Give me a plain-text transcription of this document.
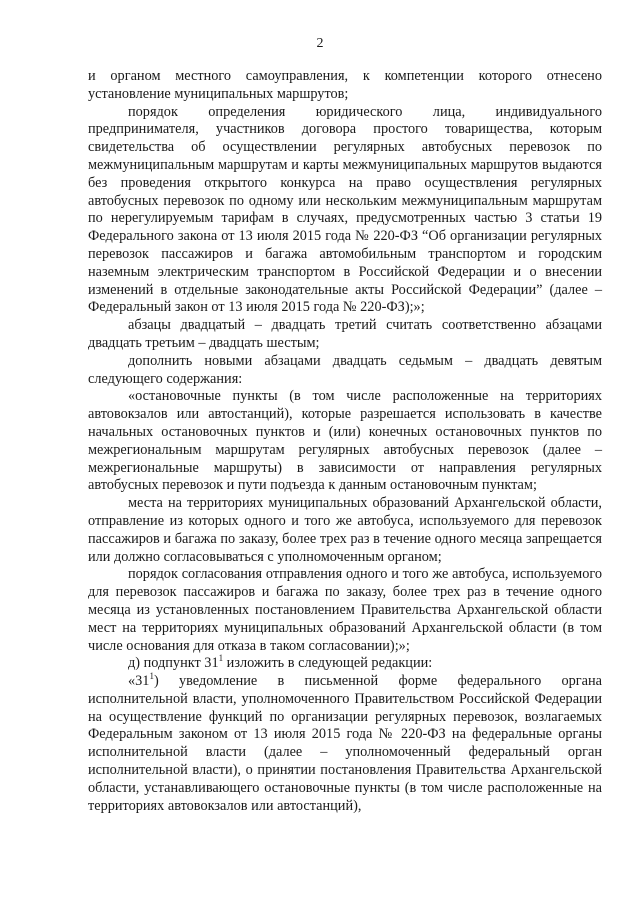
2

и органом местного самоуправления, к компетенции которого отнесено установление муниципальных маршрутов;

порядок определения юридического лица, индивидуального предпринимателя, участников договора простого товарищества, которым свидетельства об осуществлении регулярных автобусных перевозок по межмуниципальным маршрутам и карты межмуниципальных маршрутов выдаются без проведения открытого конкурса на право осуществления регулярных автобусных перевозок по одному или нескольким межмуниципальным маршрутам по нерегулируемым тарифам в случаях, предусмотренных частью 3 статьи 19 Федерального закона от 13 июля 2015 года № 220-ФЗ “Об организации регулярных перевозок пассажиров и багажа автомобильным транспортом и городским наземным электрическим транспортом в Российской Федерации и о внесении изменений в отдельные законодательные акты Российской Федерации” (далее – Федеральный закон от 13 июля 2015 года № 220-ФЗ);»;

абзацы двадцатый – двадцать третий считать соответственно абзацами двадцать третьим – двадцать шестым;

дополнить новыми абзацами двадцать седьмым – двадцать девятым следующего содержания:

«остановочные пункты (в том числе расположенные на территориях автовокзалов или автостанций), которые разрешается использовать в качестве начальных остановочных пунктов и (или) конечных остановочных пунктов по межрегиональным маршрутам регулярных автобусных перевозок (далее – межрегиональные маршруты) в зависимости от направления регулярных автобусных перевозок и пути подъезда к данным остановочным пунктам;

места на территориях муниципальных образований Архангельской области, отправление из которых одного и того же автобуса, используемого для перевозок пассажиров и багажа по заказу, более трех раз в течение одного месяца запрещается или должно согласовываться с уполномоченным органом;

порядок согласования отправления одного и того же автобуса, используемого для перевозок пассажиров и багажа по заказу, более трех раз в течение одного месяца из установленных постановлением Правительства Архангельской области мест на территориях муниципальных образований Архангельской области (в том числе основания для отказа в таком согласовании);»;

д) подпункт $31^1$ изложить в следующей редакции:

«$31^1$) уведомление в письменной форме федерального органа исполнительной власти, уполномоченного Правительством Российской Федерации на осуществление функций по организации регулярных перевозок, возлагаемых Федеральным законом от 13 июля 2015 года № 220-ФЗ на федеральные органы исполнительной власти (далее – уполномоченный федеральный орган исполнительной власти), о принятии постановления Правительства Архангельской области, устанавливающего остановочные пункты (в том числе расположенные на территориях автовокзалов или автостанций),
